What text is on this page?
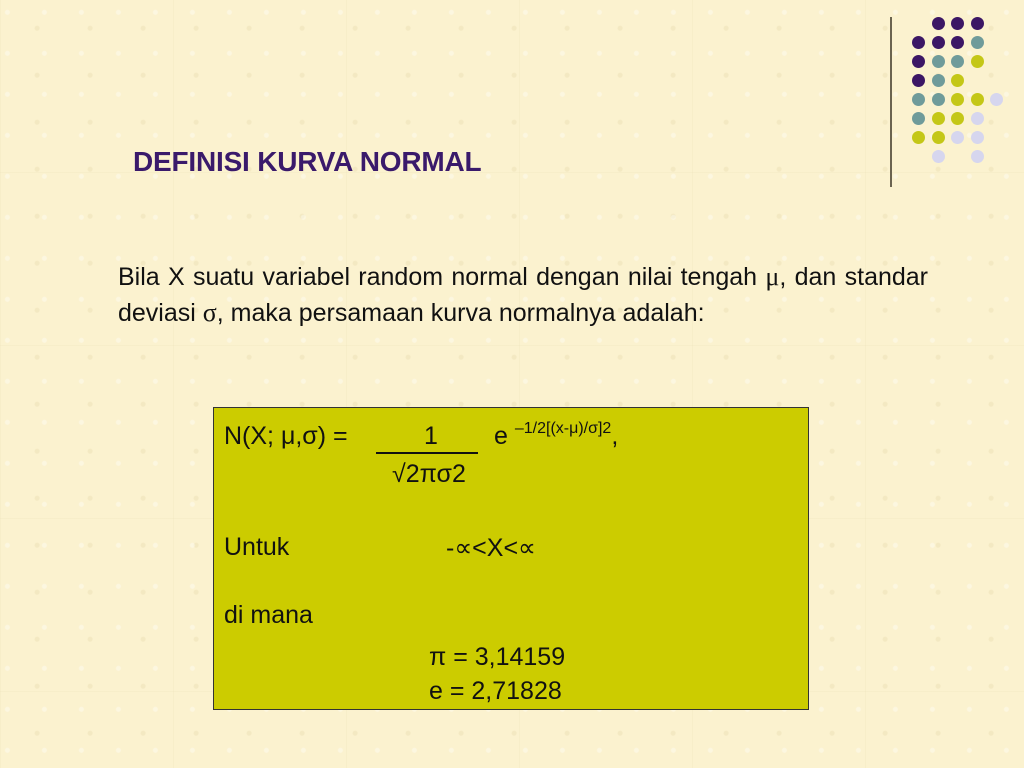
DEFINISI KURVA NORMAL
Bila X suatu variabel random normal dengan nilai tengah μ, dan standar deviasi σ, maka persamaan kurva normalnya adalah:
N(X; μ,σ) =	1 e $^{-1/2[(x-\mu)/\sigma]2}$,
√2πσ2
Untuk	-∝<X<∝
di mana
π = 3,14159
e = 2,71828
